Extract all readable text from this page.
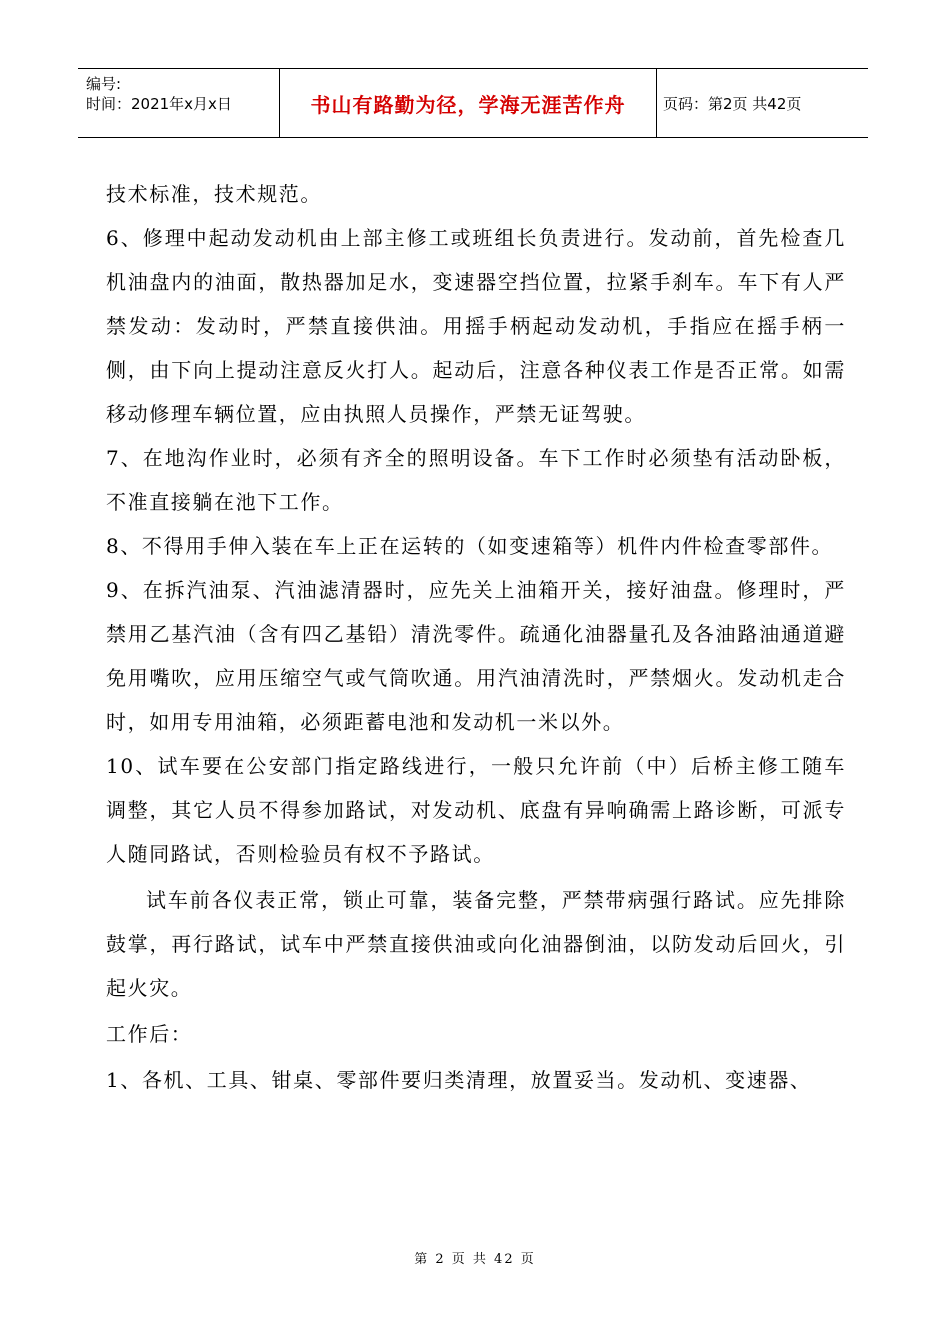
编号:
时间：2021年x月x日	书山有路勤为径，学海无涯苦作舟	页码：第2页 共42页

技术标准，技术规范。

6、修理中起动发动机由上部主修工或班组长负责进行。发动前，首先检查几机油盘内的油面，散热器加足水，变速器空挡位置，拉紧手刹车。车下有人严禁发动：发动时，严禁直接供油。用摇手柄起动发动机，手指应在摇手柄一侧，由下向上提动注意反火打人。起动后，注意各种仪表工作是否正常。如需移动修理车辆位置，应由执照人员操作，严禁无证驾驶。

7、在地沟作业时，必须有齐全的照明设备。车下工作时必须垫有活动卧板，不准直接躺在池下工作。

8、不得用手伸入装在车上正在运转的（如变速箱等）机件内件检查零部件。

9、在拆汽油泵、汽油滤清器时，应先关上油箱开关，接好油盘。修理时，严禁用乙基汽油（含有四乙基铅）清洗零件。疏通化油器量孔及各油路油通道避免用嘴吹，应用压缩空气或气筒吹通。用汽油清洗时，严禁烟火。发动机走合时，如用专用油箱，必须距蓄电池和发动机一米以外。

10、试车要在公安部门指定路线进行，一般只允许前（中）后桥主修工随车调整，其它人员不得参加路试，对发动机、底盘有异响确需上路诊断，可派专人随同路试，否则检验员有权不予路试。

试车前各仪表正常，锁止可靠，装备完整，严禁带病强行路试。应先排除鼓掌，再行路试，试车中严禁直接供油或向化油器倒油，以防发动后回火，引起火灾。

工作后：

1、各机、工具、钳桌、零部件要归类清理，放置妥当。发动机、变速器、

第 2 页 共 42 页
